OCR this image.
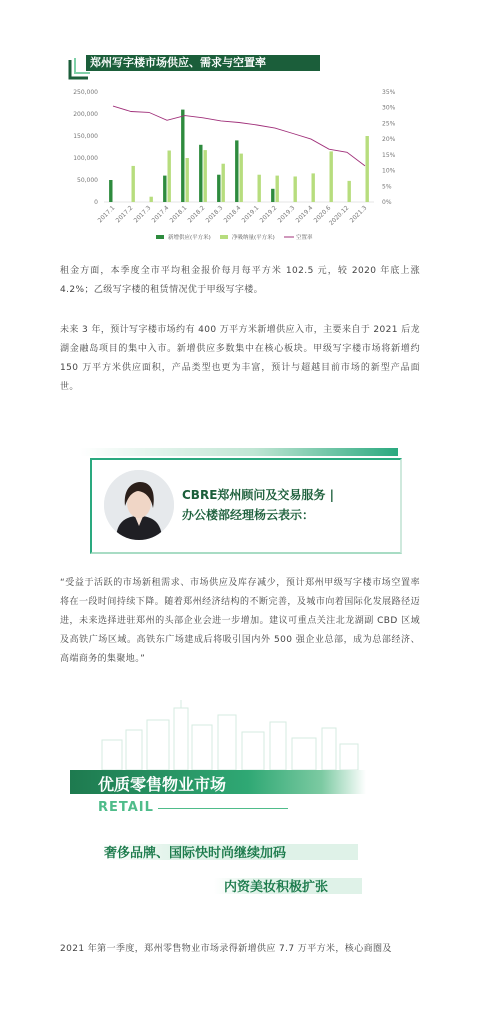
郑州写字楼市场供应、需求与空置率
250,000
200,000
150,000
100,000
50,000
0
35%
30%
25%
20%
15%
10%
5%
0%
2017.1
2017.2
2017.3
2017.4
2018.1
2018.2
2018.3
2018.4
2019.1
2019.2
2019.3
2019.4
2020.6
2020.12
2021.3
新增供应(平方米)	净吸纳量(平方米)	空置率
租金方面，本季度全市平均租金报价每月每平方米 102.5 元，较 2020 年底上涨 4.2%；乙级写字楼的租赁情况优于甲级写字楼。
未来 3 年，预计写字楼市场约有 400 万平方米新增供应入市，主要来自于 2021 后龙湖金融岛项目的集中入市。新增供应多数集中在核心板块。甲级写字楼市场将新增约 150 万平方米供应面积，产品类型也更为丰富，预计与超越目前市场的新型产品面世。
CBRE郑州顾问及交易服务 |
办公楼部经理杨云表示：
“受益于活跃的市场新租需求、市场供应及库存减少，预计郑州甲级写字楼市场空置率将在一段时间持续下降。随着郑州经济结构的不断完善，及城市向着国际化发展路径迈进，未来选择进驻郑州的头部企业会进一步增加。建议可重点关注北龙湖副 CBD 区域及高铁广场区域。高铁东广场建成后将吸引国内外 500 强企业总部，成为总部经济、高端商务的集聚地。”
优质零售物业市场
RETAIL
奢侈品牌、国际快时尚继续加码
内资美妆积极扩张
2021 年第一季度，郑州零售物业市场录得新增供应 7.7 万平方米，核心商圈及
